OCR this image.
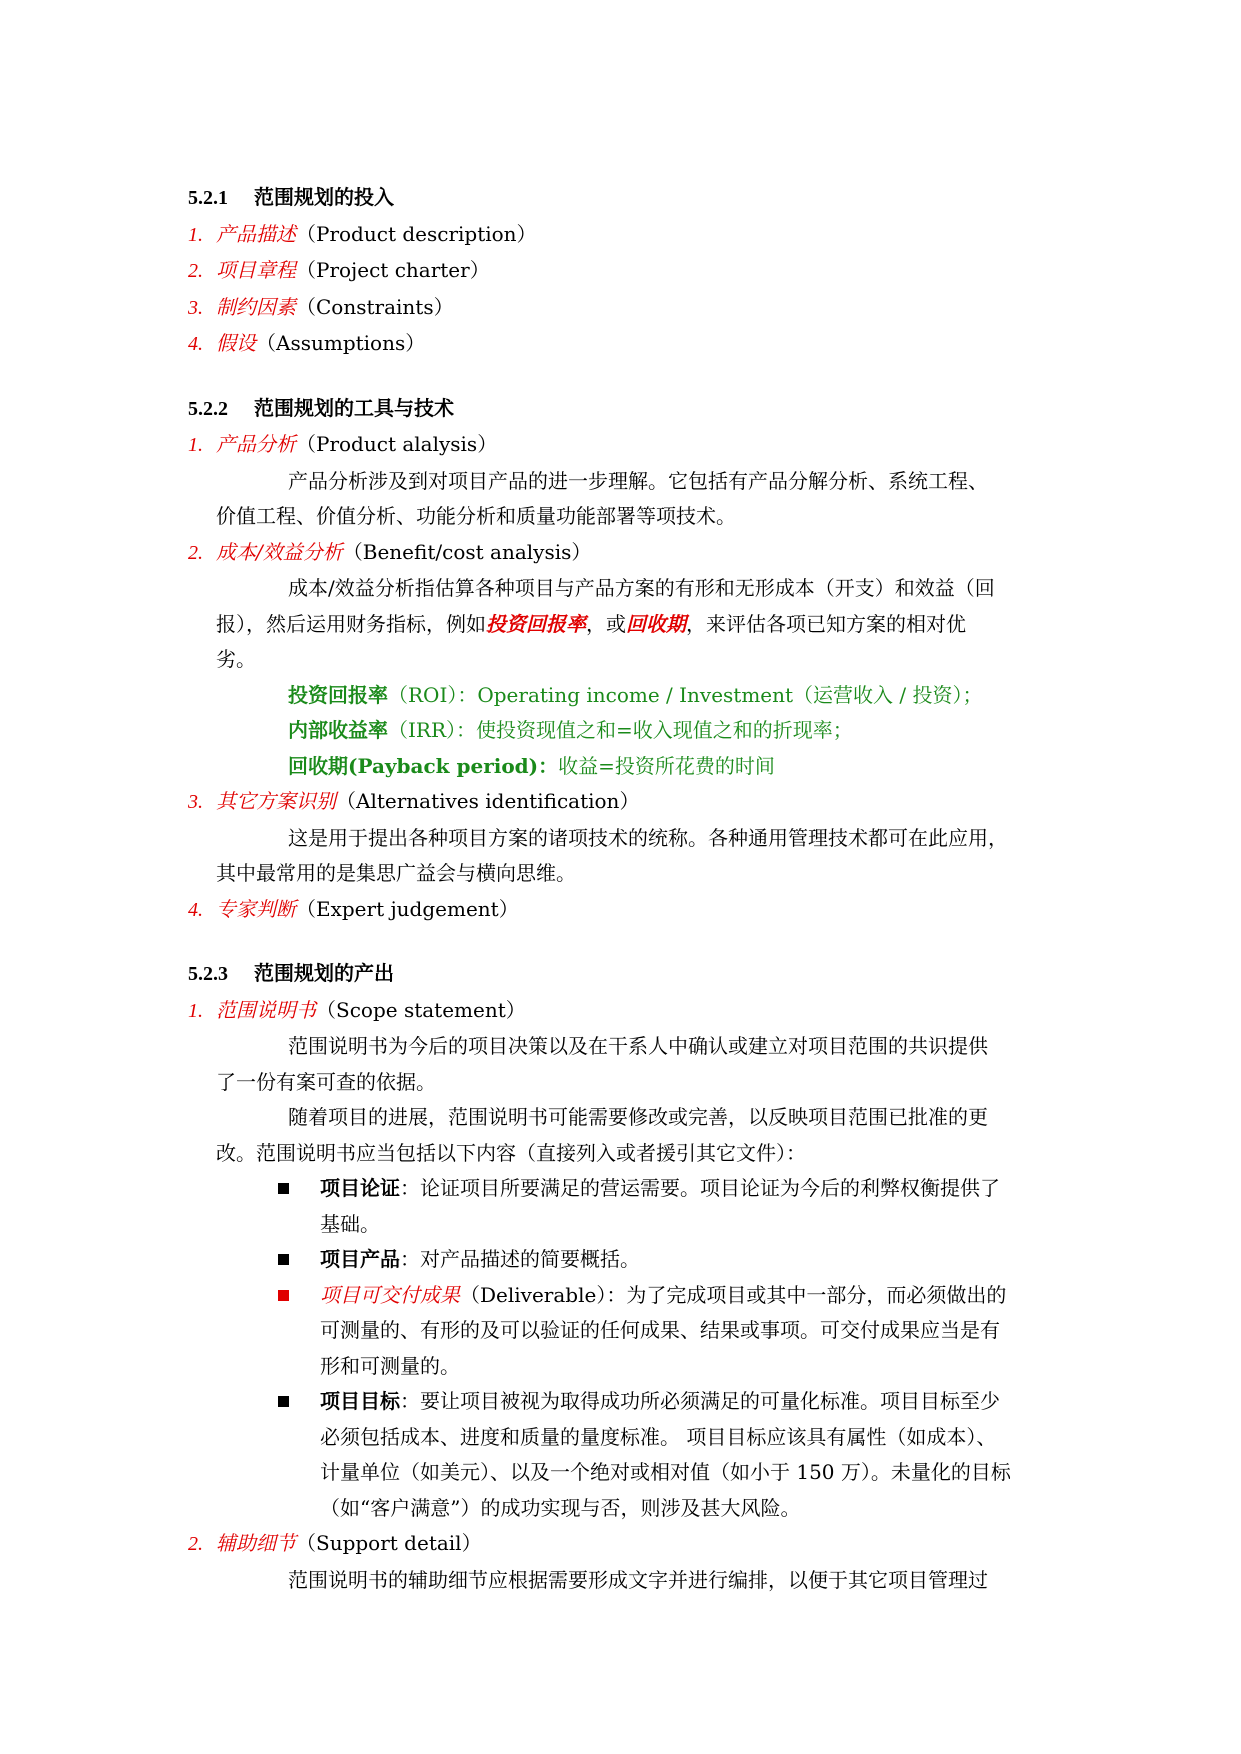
5.2.1 范围规划的投入
1. 产品描述（Product description）
2. 项目章程（Project charter）
3. 制约因素（Constraints）
4. 假设（Assumptions）
5.2.2 范围规划的工具与技术
1. 产品分析（Product alalysis）
产品分析涉及到对项目产品的进一步理解。它包括有产品分解分析、系统工程、
价值工程、价值分析、功能分析和质量功能部署等项技术。
2. 成本/效益分析（Benefit/cost analysis）
成本/效益分析指估算各种项目与产品方案的有形和无形成本（开支）和效益（回
报），然后运用财务指标，例如投资回报率，或回收期，来评估各项已知方案的相对优
劣。
投资回报率（ROI）：Operating income / Investment（运营收入 / 投资）；
内部收益率（IRR）：使投资现值之和=收入现值之和的折现率；
回收期(Payback period)：收益=投资所花费的时间
3. 其它方案识别（Alternatives identification）
这是用于提出各种项目方案的诸项技术的统称。各种通用管理技术都可在此应用，
其中最常用的是集思广益会与横向思维。
4. 专家判断（Expert judgement）
5.2.3 范围规划的产出
1. 范围说明书（Scope statement）
范围说明书为今后的项目决策以及在干系人中确认或建立对项目范围的共识提供
了一份有案可查的依据。
随着项目的进展，范围说明书可能需要修改或完善，以反映项目范围已批准的更
改。范围说明书应当包括以下内容（直接列入或者援引其它文件）：
项目论证：论证项目所要满足的营运需要。项目论证为今后的利弊权衡提供了
基础。
项目产品：对产品描述的简要概括。
项目可交付成果（Deliverable）：为了完成项目或其中一部分，而必须做出的
可测量的、有形的及可以验证的任何成果、结果或事项。可交付成果应当是有
形和可测量的。
项目目标：要让项目被视为取得成功所必须满足的可量化标准。项目目标至少
必须包括成本、进度和质量的量度标准。 项目目标应该具有属性（如成本）、
计量单位（如美元）、以及一个绝对或相对值（如小于 150 万）。未量化的目标
（如“客户满意”）的成功实现与否，则涉及甚大风险。
2. 辅助细节（Support detail）
范围说明书的辅助细节应根据需要形成文字并进行编排，以便于其它项目管理过
